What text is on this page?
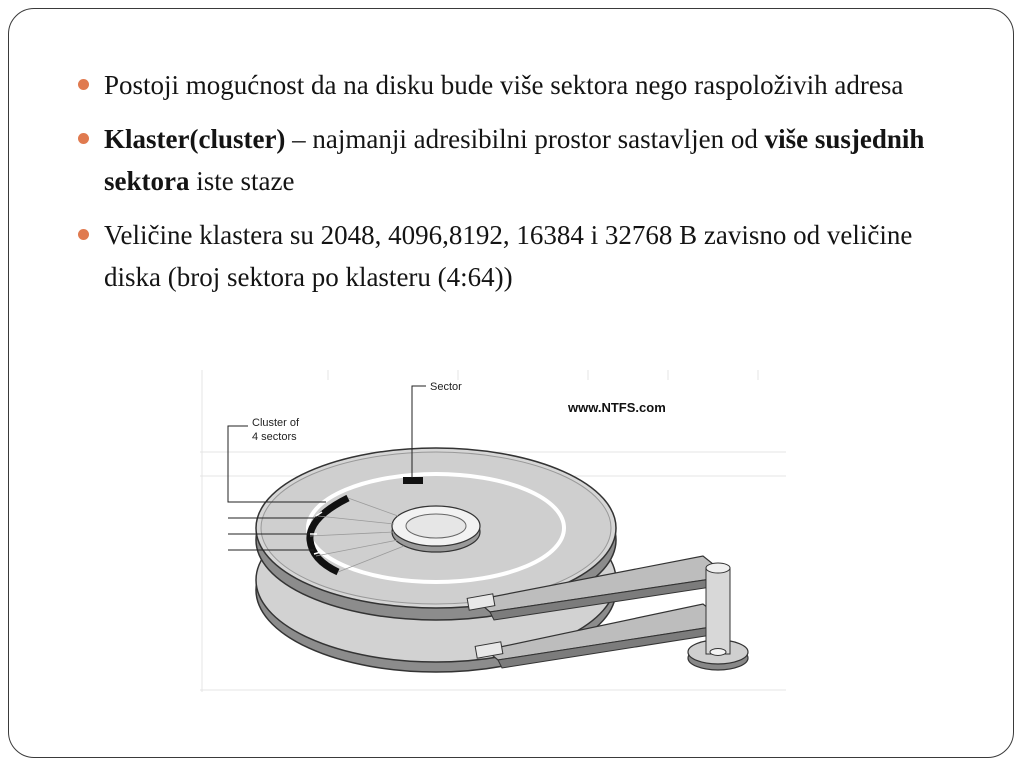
Postoji mogućnost da na disku bude više sektora nego raspoloživih adresa
Klaster(cluster) – najmanji adresibilni prostor sastavljen od više susjednih sektora iste staze
Veličine klastera su 2048, 4096,8192, 16384 i 32768 B zavisno od veličine diska (broj sektora po klasteru (4:64))
Sector
Cluster of
4 sectors
www.NTFS.com
